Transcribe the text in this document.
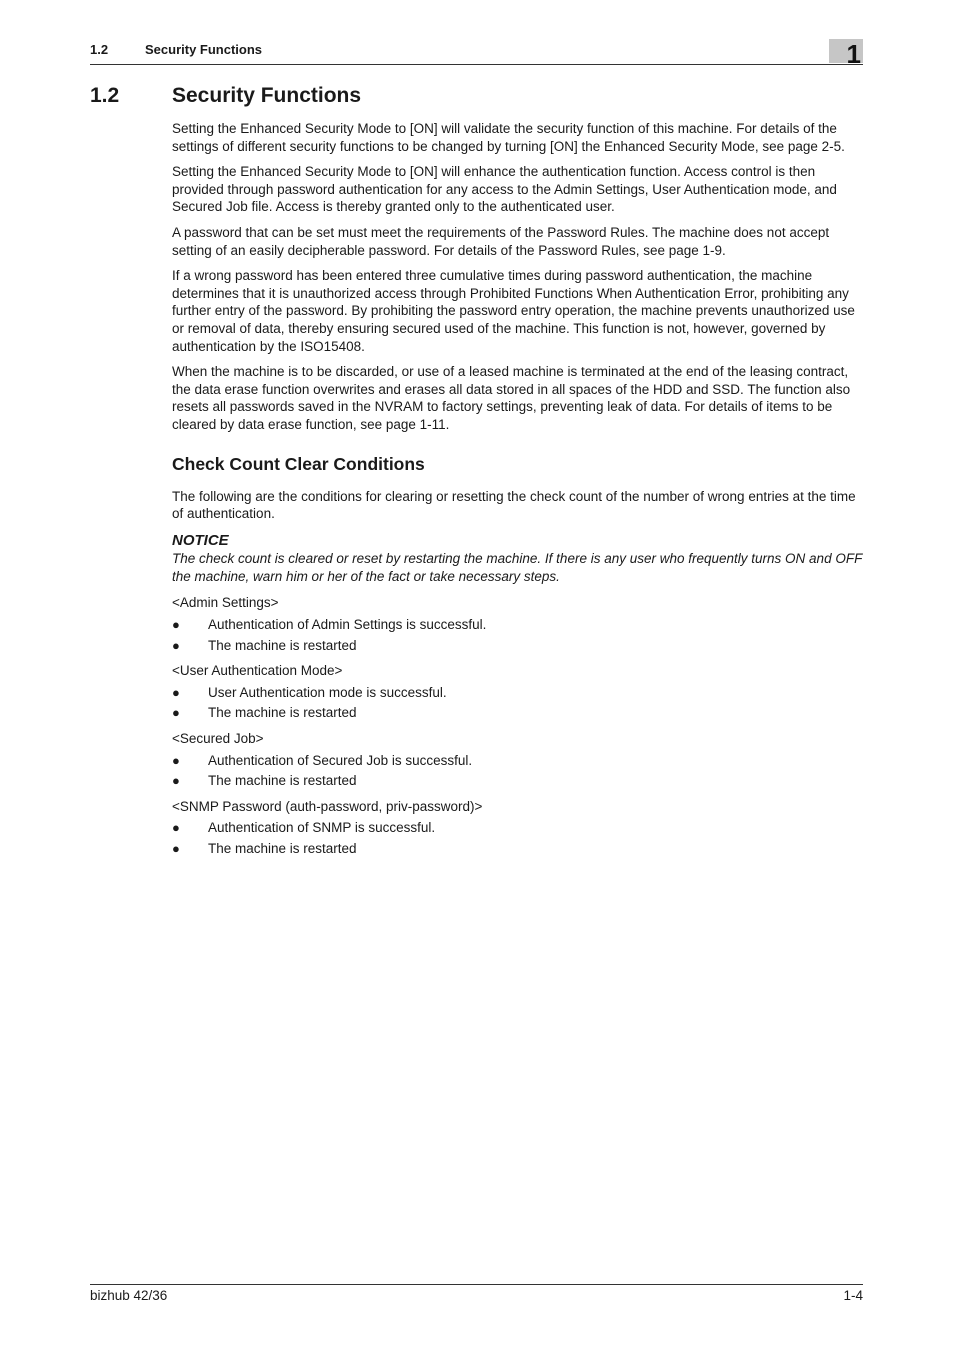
1.2	Security Functions	1
1.2	Security Functions

Setting the Enhanced Security Mode to [ON] will validate the security function of this machine. For details of the settings of different security functions to be changed by turning [ON] the Enhanced Security Mode, see page 2-5.

Setting the Enhanced Security Mode to [ON] will enhance the authentication function. Access control is then provided through password authentication for any access to the Admin Settings, User Authentication mode, and Secured Job file. Access is thereby granted only to the authenticated user.

A password that can be set must meet the requirements of the Password Rules. The machine does not accept setting of an easily decipherable password. For details of the Password Rules, see page 1-9.

If a wrong password has been entered three cumulative times during password authentication, the machine determines that it is unauthorized access through Prohibited Functions When Authentication Error, prohibiting any further entry of the password. By prohibiting the password entry operation, the machine prevents unauthorized use or removal of data, thereby ensuring secured used of the machine. This function is not, however, governed by authentication by the ISO15408.

When the machine is to be discarded, or use of a leased machine is terminated at the end of the leasing contract, the data erase function overwrites and erases all data stored in all spaces of the HDD and SSD. The function also resets all passwords saved in the NVRAM to factory settings, preventing leak of data. For details of items to be cleared by data erase function, see page 1-11.

Check Count Clear Conditions

The following are the conditions for clearing or resetting the check count of the number of wrong entries at the time of authentication.

NOTICE

The check count is cleared or reset by restarting the machine. If there is any user who frequently turns ON and OFF the machine, warn him or her of the fact or take necessary steps.

<Admin Settings>

● Authentication of Admin Settings is successful.
● The machine is restarted

<User Authentication Mode>

● User Authentication mode is successful.
● The machine is restarted

<Secured Job>

● Authentication of Secured Job is successful.
● The machine is restarted

<SNMP Password (auth-password, priv-password)>

● Authentication of SNMP is successful.
● The machine is restarted
bizhub 42/36	1-4
